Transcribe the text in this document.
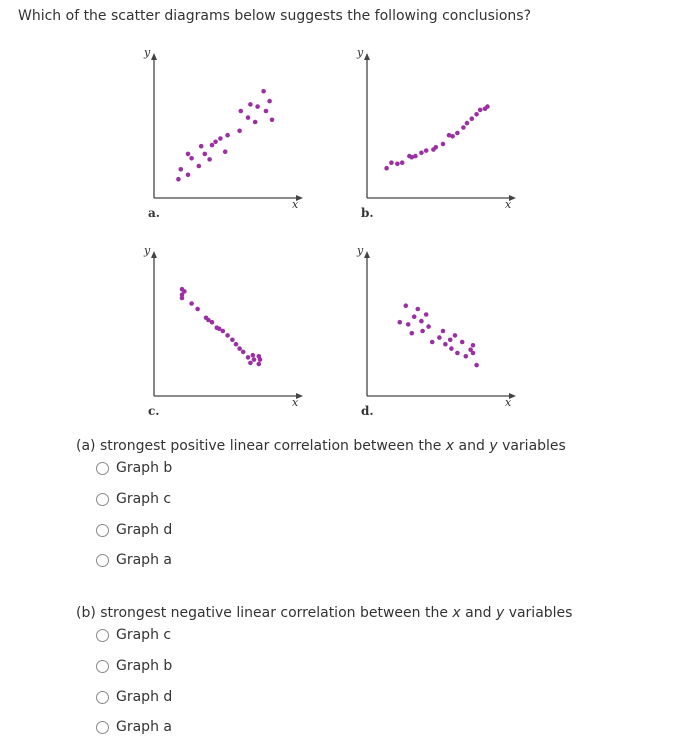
Which of the scatter diagrams below suggests the following conclusions?
y
x
a.
y
x
b.
y
x
c.
y
x
d.
(a) strongest positive linear correlation between the x and y variables
Graph b
Graph c
Graph d
Graph a
(b) strongest negative linear correlation between the x and y variables
Graph c
Graph b
Graph d
Graph a
